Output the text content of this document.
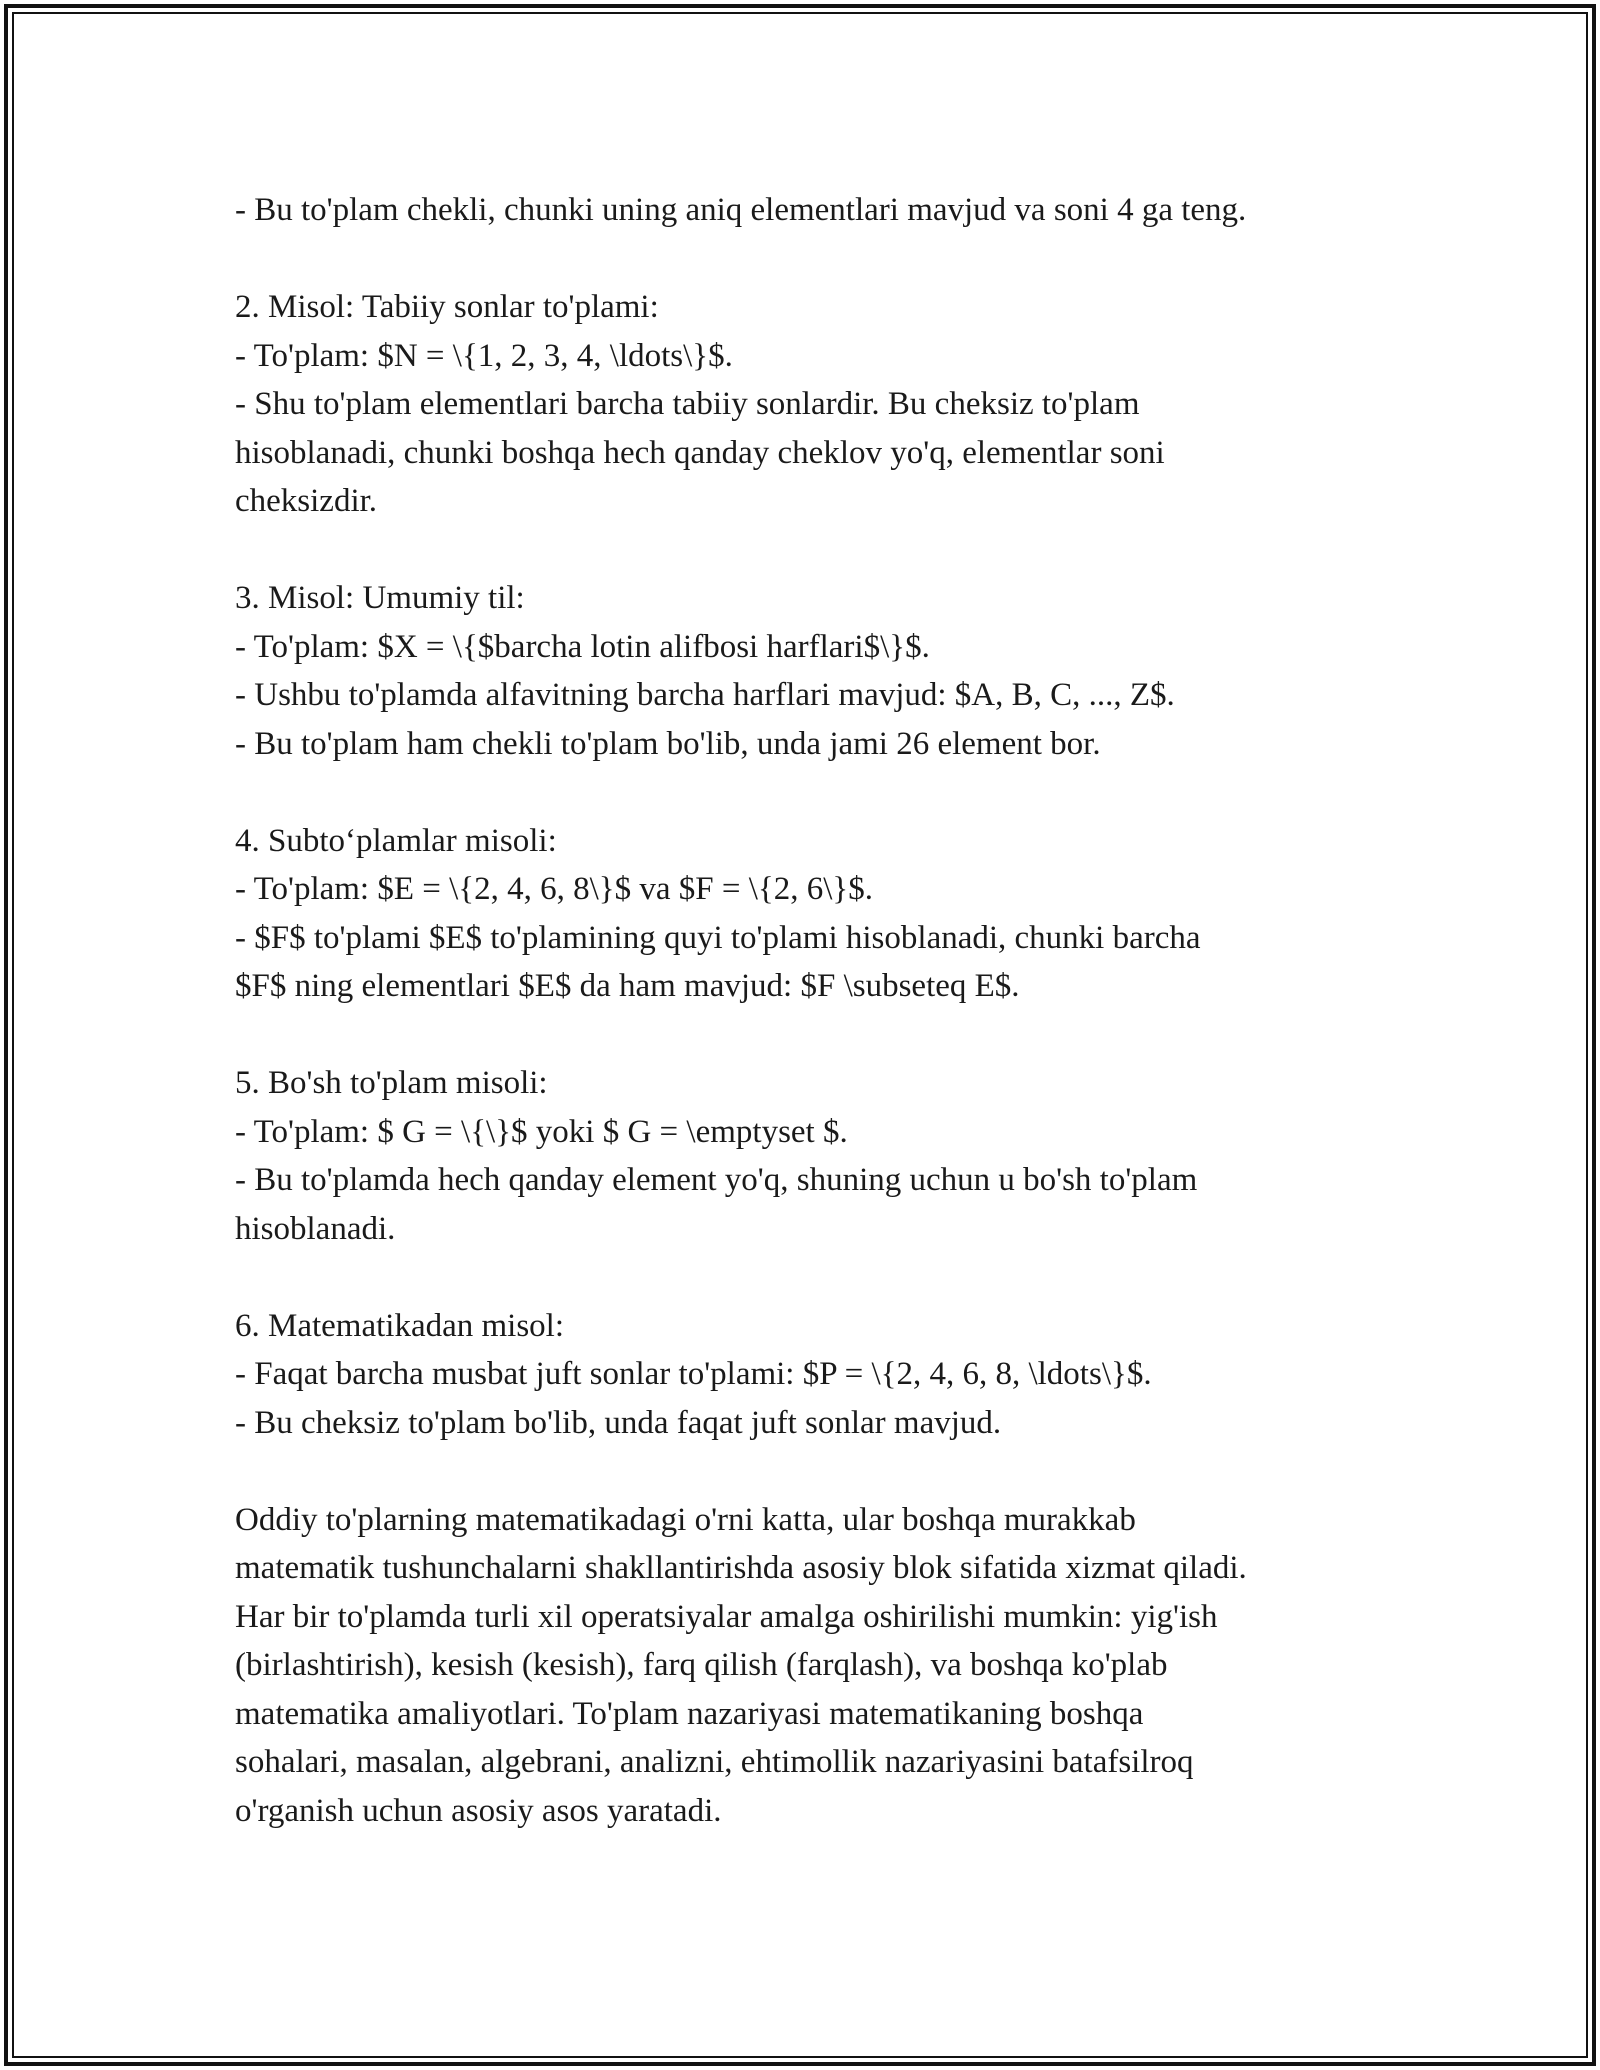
- Bu to'plam chekli, chunki uning aniq elementlari mavjud va soni 4 ga teng.

2. Misol: Tabiiy sonlar to'plami:

- To'plam: $N = \{1, 2, 3, 4, \ldots\}$.

- Shu to'plam elementlari barcha tabiiy sonlardir. Bu cheksiz to'plam

hisoblanadi, chunki boshqa hech qanday cheklov yo'q, elementlar soni

cheksizdir.

3. Misol: Umumiy til:

- To'plam: $X = \{$barcha lotin alifbosi harflari$\}$.

- Ushbu to'plamda alfavitning barcha harflari mavjud: $A, B, C, ..., Z$.

- Bu to'plam ham chekli to'plam bo'lib, unda jami 26 element bor.

4. Subto‘plamlar misoli:

- To'plam: $E = \{2, 4, 6, 8\}$ va $F = \{2, 6\}$.

- $F$ to'plami $E$ to'plamining quyi to'plami hisoblanadi, chunki barcha

$F$ ning elementlari $E$ da ham mavjud: $F \subseteq E$.

5. Bo'sh to'plam misoli:

- To'plam: $ G = \{\}$ yoki $ G = \emptyset $.

- Bu to'plamda hech qanday element yo'q, shuning uchun u bo'sh to'plam

hisoblanadi.

6. Matematikadan misol:

- Faqat barcha musbat juft sonlar to'plami: $P = \{2, 4, 6, 8, \ldots\}$.

- Bu cheksiz to'plam bo'lib, unda faqat juft sonlar mavjud.

Oddiy to'plarning matematikadagi o'rni katta, ular boshqa murakkab

matematik tushunchalarni shakllantirishda asosiy blok sifatida xizmat qiladi.

Har bir to'plamda turli xil operatsiyalar amalga oshirilishi mumkin: yig'ish

(birlashtirish), kesish (kesish), farq qilish (farqlash), va boshqa ko'plab

matematika amaliyotlari. To'plam nazariyasi matematikaning boshqa

sohalari, masalan, algebrani, analizni, ehtimollik nazariyasini batafsilroq

o'rganish uchun asosiy asos yaratadi.
